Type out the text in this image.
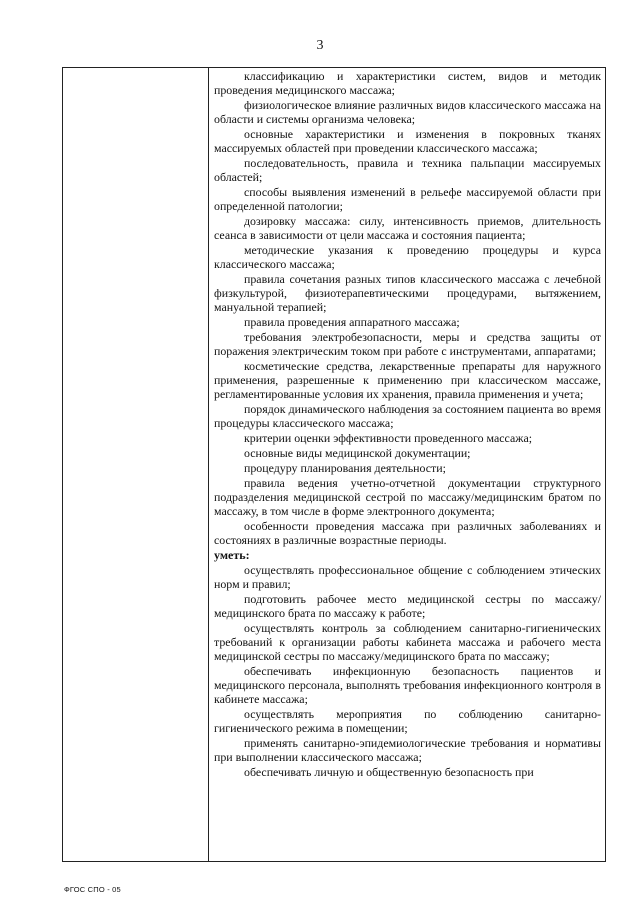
3

классификацию и характеристики систем, видов и методик проведения медицинского массажа;

физиологическое влияние различных видов классического массажа на области и системы организма человека;

основные характеристики и изменения в покровных тканях массируемых областей при проведении классического массажа;

последовательность, правила и техника пальпации массируемых областей;

способы выявления изменений в рельефе массируемой области при определенной патологии;

дозировку массажа: силу, интенсивность приемов, длительность сеанса в зависимости от цели массажа и состояния пациента;

методические указания к проведению процедуры и курса классического массажа;

правила сочетания разных типов классического массажа с лечебной физкультурой, физиотерапевтическими процедурами, вытяжением, мануальной терапией;

правила проведения аппаратного массажа;

требования электробезопасности, меры и средства защиты от поражения электрическим током при работе с инструментами, аппаратами;

косметические средства, лекарственные препараты для наружного применения, разрешенные к применению при классическом массаже, регламентированные условия их хранения, правила применения и учета;

порядок динамического наблюдения за состоянием пациента во время процедуры классического массажа;

критерии оценки эффективности проведенного массажа;

основные виды медицинской документации;

процедуру планирования деятельности;

правила ведения учетно-отчетной документации структурного подразделения медицинской сестрой по массажу/медицинским братом по массажу, в том числе в форме электронного документа;

особенности проведения массажа при различных заболеваниях и состояниях в различные возрастные периоды.

уметь:

осуществлять профессиональное общение с соблюдением этических норм и правил;

подготовить рабочее место медицинской сестры по массажу/медицинского брата по массажу к работе;

осуществлять контроль за соблюдением санитарно-гигиенических требований к организации работы кабинета массажа и рабочего места медицинской сестры по массажу/медицинского брата по массажу;

обеспечивать инфекционную безопасность пациентов и медицинского персонала, выполнять требования инфекционного контроля в кабинете массажа;

осуществлять мероприятия по соблюдению санитарно-гигиенического режима в помещении;

применять санитарно-эпидемиологические требования и нормативы при выполнении классического массажа;

обеспечивать личную и общественную безопасность при

ФГОС СПО - 05
